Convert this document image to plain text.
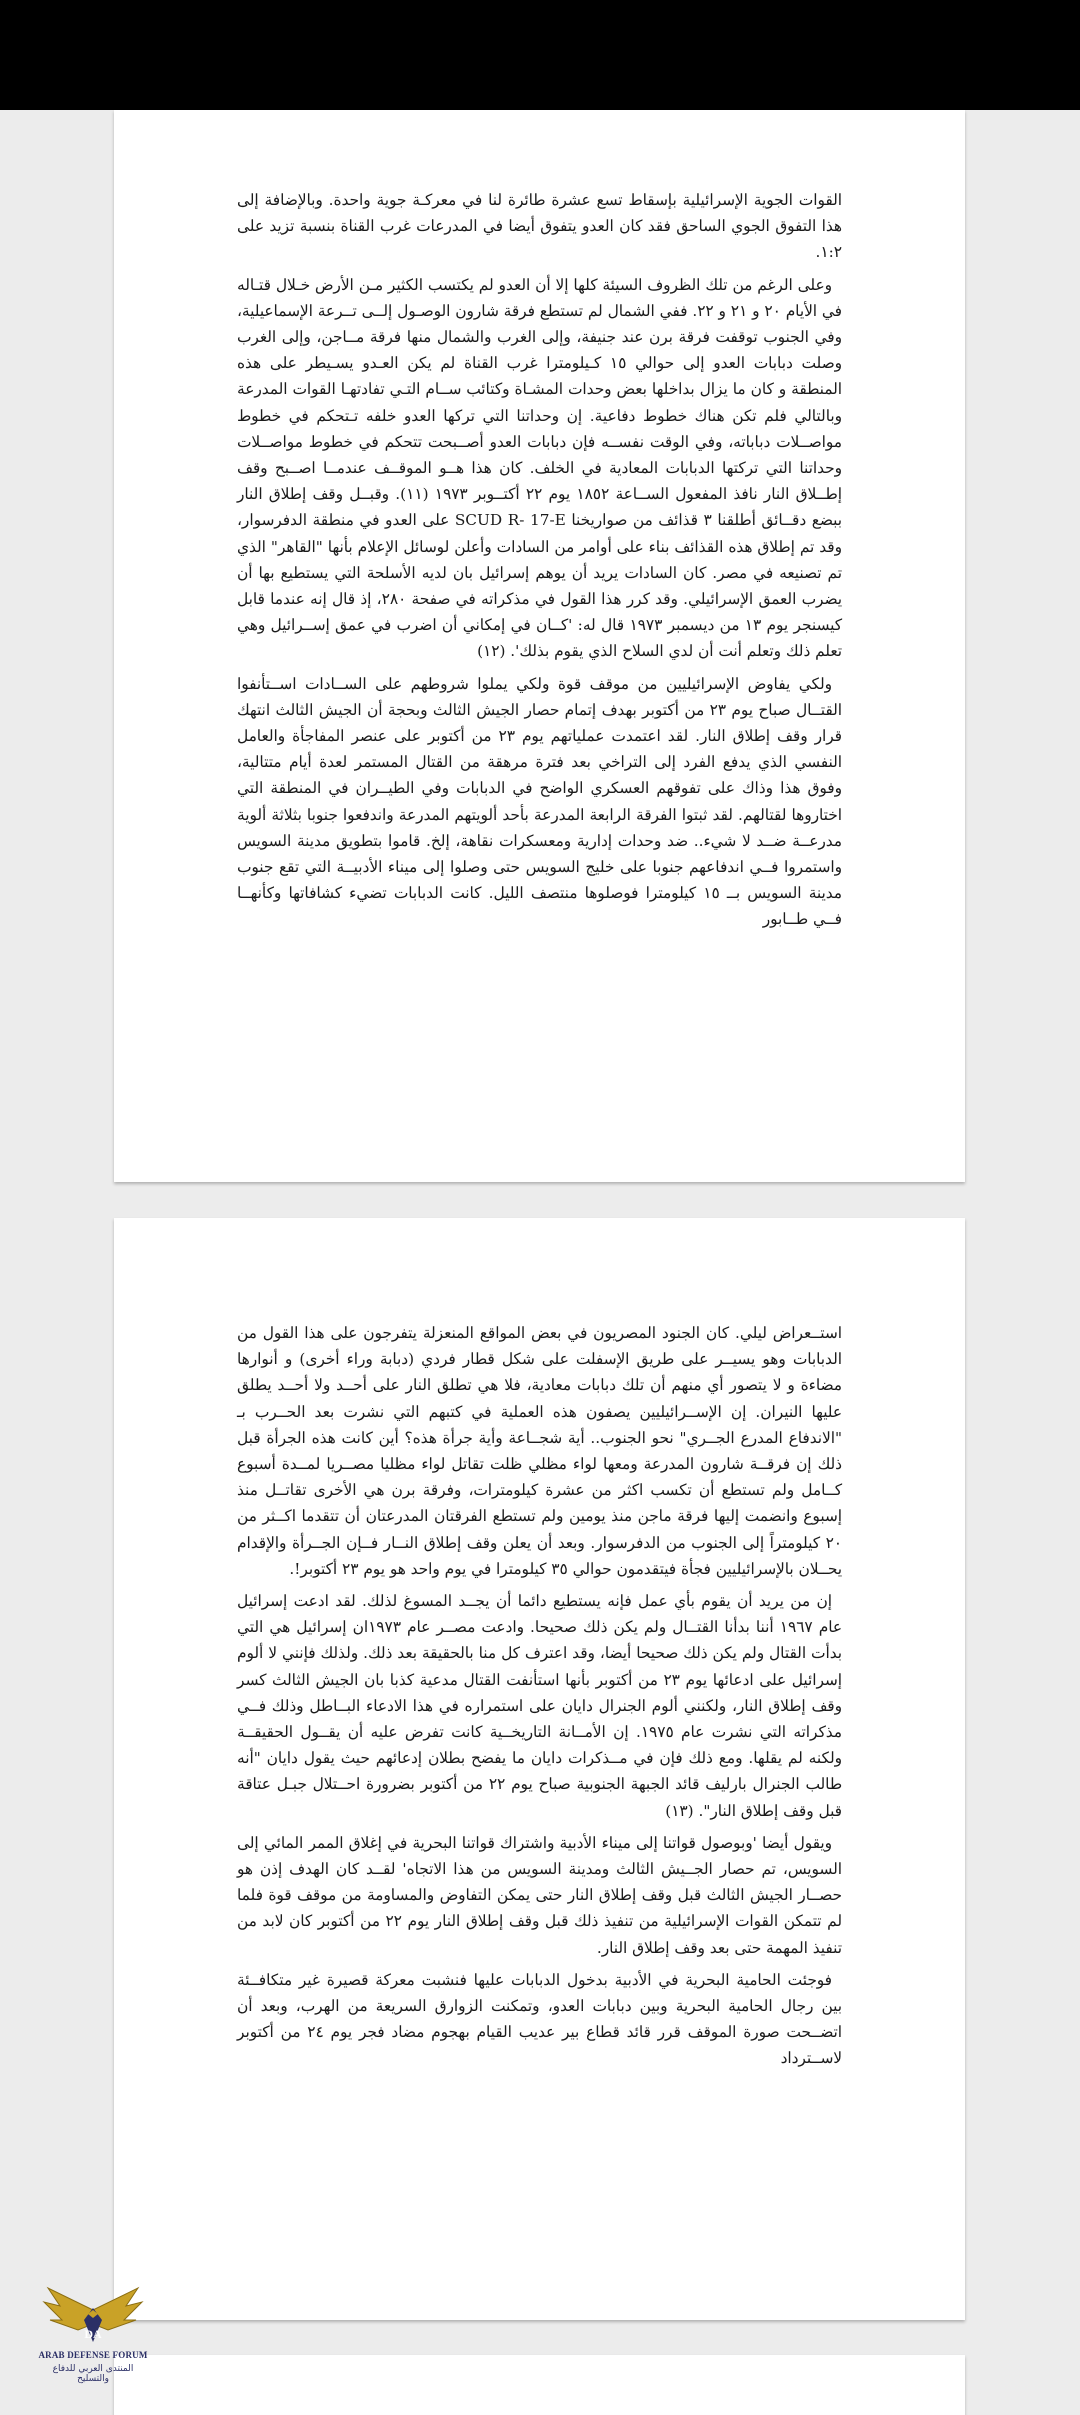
القوات الجوية الإسرائيلية بإسقاط تسع عشرة طائرة لنا في معركـة جوية واحدة. وبالإضافة إلى هذا التفوق الجوي الساحق فقد كان العدو يتفوق أيضا في المدرعات غرب القناة بنسبة تزيد على ١:٢.

وعلى الرغم من تلك الظروف السيئة كلها إلا أن العدو لم يكتسب الكثير مـن الأرض خـلال قتـاله في الأيام ٢٠ و ٢١ و ٢٢. ففي الشمال لم تستطع فرقة شارون الوصـول إلــى تــرعة الإسماعيلية، وفي الجنوب توقفت فرقة برن عند جنيفة، وإلى الغرب والشمال منها فرقة مــاجن، وإلى الغرب وصلت دبابات العدو إلى حوالي ١٥ كـيلومترا غرب القناة لم يكن العـدو يسـيطر على هذه المنطقة و كان ما يزال بداخلها بعض وحدات المشـاة وكتائب ســام التـي تفادتهـا القوات المدرعة وبالتالي فلم تكن هناك خطوط دفاعية. إن وحداتنا التي تركها العدو خلفه تـتحكم في خطوط مواصــلات دباباته، وفي الوقت نفســه فإن دبابات العدو أصــبحت تتحكم في خطوط مواصــلات وحداتنا التي تركتها الدبابات المعادية في الخلف. كان هذا هــو الموقــف عندمــا اصــبح وقف إطــلاق النار نافذ المفعول الســاعة ١٨٥٢ يوم ٢٢ أكتــوبر ١٩٧٣ (١١). وقبــل وقف إطلاق النار ببضع دقــائق أطلقنا ٣ قذائف من صواريخنا SCUD R- 17-E على العدو في منطقة الدفرسوار، وقد تم إطلاق هذه القذائف بناء على أوامر من السادات وأعلن لوسائل الإعلام بأنها "القاهر" الذي تم تصنيعه في مصر. كان السادات يريد أن يوهم إسرائيل بان لديه الأسلحة التي يستطيع بها أن يضرب العمق الإسرائيلي. وقد كرر هذا القول في مذكراته في صفحة ٢٨٠، إذ قال إنه عندما قابل كيسنجر يوم ١٣ من ديسمبر ١٩٧٣ قال له: 'كــان في إمكاني أن اضرب في عمق إســرائيل وهي تعلم ذلك وتعلم أنت أن لدي السلاح الذي يقوم بذلك'. (١٢)

ولكي يفاوض الإسرائيليين من موقف قوة ولكي يملوا شروطهم على الســادات اســتأنفوا القتــال صباح يوم ٢٣ من أكتوبر بهدف إتمام حصار الجيش الثالث وبحجة أن الجيش الثالث انتهك قرار وقف إطلاق النار. لقد اعتمدت عملياتهم يوم ٢٣ من أكتوبر على عنصر المفاجأة والعامل النفسي الذي يدفع الفرد إلى التراخي بعد فترة مرهقة من القتال المستمر لعدة أيام متتالية، وفوق هذا وذاك على تفوقهم العسكري الواضح في الدبابات وفي الطيــران في المنطقة التي اختاروها لقتالهم. لقد ثبتوا الفرقة الرابعة المدرعة بأحد ألويتهم المدرعة واندفعوا جنوبا بثلاثة ألوية مدرعــة ضــد لا شيء.. ضد وحدات إدارية ومعسكرات نقاهة، إلخ. قاموا بتطويق مدينة السويس واستمروا فــي اندفاعهم جنوبا على خليج السويس حتى وصلوا إلى ميناء الأدبيــة التي تقع جنوب مدينة السويس بــ ١٥ كيلومترا فوصلوها منتصف الليل. كانت الدبابات تضيء كشافاتها وكأنهــا فــي طــابور

استــعراض ليلي. كان الجنود المصريون في بعض المواقع المنعزلة يتفرجون على هذا القول من الدبابات وهو يسيــر على طريق الإسفلت على شكل قطار فردي (دبابة وراء أخرى) و أنوارها مضاءة و لا يتصور أي منهم أن تلك دبابات معادية، فلا هي تطلق النار على أحــد ولا أحــد يطلق عليها النيران. إن الإســرائيليين يصفون هذه العملية في كتبهم التي نشرت بعد الحــرب بـ "الاندفاع المدرع الجــري" نحو الجنوب.. أية شجــاعة وأية جرأة هذه؟ أين كانت هذه الجرأة قبل ذلك إن فرقــة شارون المدرعة ومعها لواء مظلي ظلت تقاتل لواء مظليا مصــريا لمــدة أسبوع كــامل ولم تستطع أن تكسب اكثر من عشرة كيلومترات، وفرقة برن هي الأخرى تقاتــل منذ إسبوع وانضمت إليها فرقة ماجن منذ يومين ولم تستطع الفرقتان المدرعتان أن تتقدما اكــثر من ٢٠ كيلومتراً إلى الجنوب من الدفرسوار. وبعد أن يعلن وقف إطلاق النــار فــإن الجــرأة والإقدام يحــلان بالإسرائيليين فجأة فيتقدمون حوالي ٣٥ كيلومترا في يوم واحد هو يوم ٢٣ أكتوبر!.

إن من يريد أن يقوم بأي عمل فإنه يستطيع دائما أن يجــد المسوغ لذلك. لقد ادعت إسرائيل عام ١٩٦٧ أننا بدأنا القتــال ولم يكن ذلك صحيحا. وادعت مصــر عام ١٩٧٣ان إسرائيل هي التي بدأت القتال ولم يكن ذلك صحيحا أيضا، وقد اعترف كل منا بالحقيقة بعد ذلك. ولذلك فإنني لا ألوم إسرائيل على ادعائها يوم ٢٣ من أكتوبر بأنها استأنفت القتال مدعية كذبا بان الجيش الثالث كسر وقف إطلاق النار، ولكنني ألوم الجنرال دايان على استمراره في هذا الادعاء البــاطل وذلك فــي مذكراته التي نشرت عام ١٩٧٥. إن الأمــانة التاريخــية كانت تفرض عليه أن يقــول الحقيقــة ولكنه لم يقلها. ومع ذلك فإن في مــذكرات دايان ما يفضح بطلان إدعائهم حيث يقول دايان "أنه طالب الجنرال بارليف قائد الجبهة الجنوبية صباح يوم ٢٢ من أكتوبر بضرورة احــتلال جبـل عتاقة قبل وقف إطلاق النار". (١٣)

ويقول أيضا 'وبوصول قواتنا إلى ميناء الأدبية واشتراك قواتنا البحرية في إغلاق الممر المائي إلى السويس، تم حصار الجــيش الثالث ومدينة السويس من هذا الاتجاه' لقــد كان الهدف إذن هو حصــار الجيش الثالث قبل وقف إطلاق النار حتى يمكن التفاوض والمساومة من موقف قوة فلما لم تتمكن القوات الإسرائيلية من تنفيذ ذلك قبل وقف إطلاق النار يوم ٢٢ من أكتوبر كان لابد من تنفيذ المهمة حتى بعد وقف إطلاق النار.

فوجئت الحامية البحرية في الأدبية بدخول الدبابات عليها فنشبت معركة قصيرة غير متكافــئة بين رجال الحامية البحرية وبين دبابات العدو، وتمكنت الزوارق السريعة من الهرب، وبعد أن اتضــحت صورة الموقف قرر قائد قطاع بير عديب القيام بهجوم مضاد فجر يوم ٢٤ من أكتوبر لاســترداد

DA
ARAB DEFENSE FORUM
المنتدى العربي للدفاع والتسليح
